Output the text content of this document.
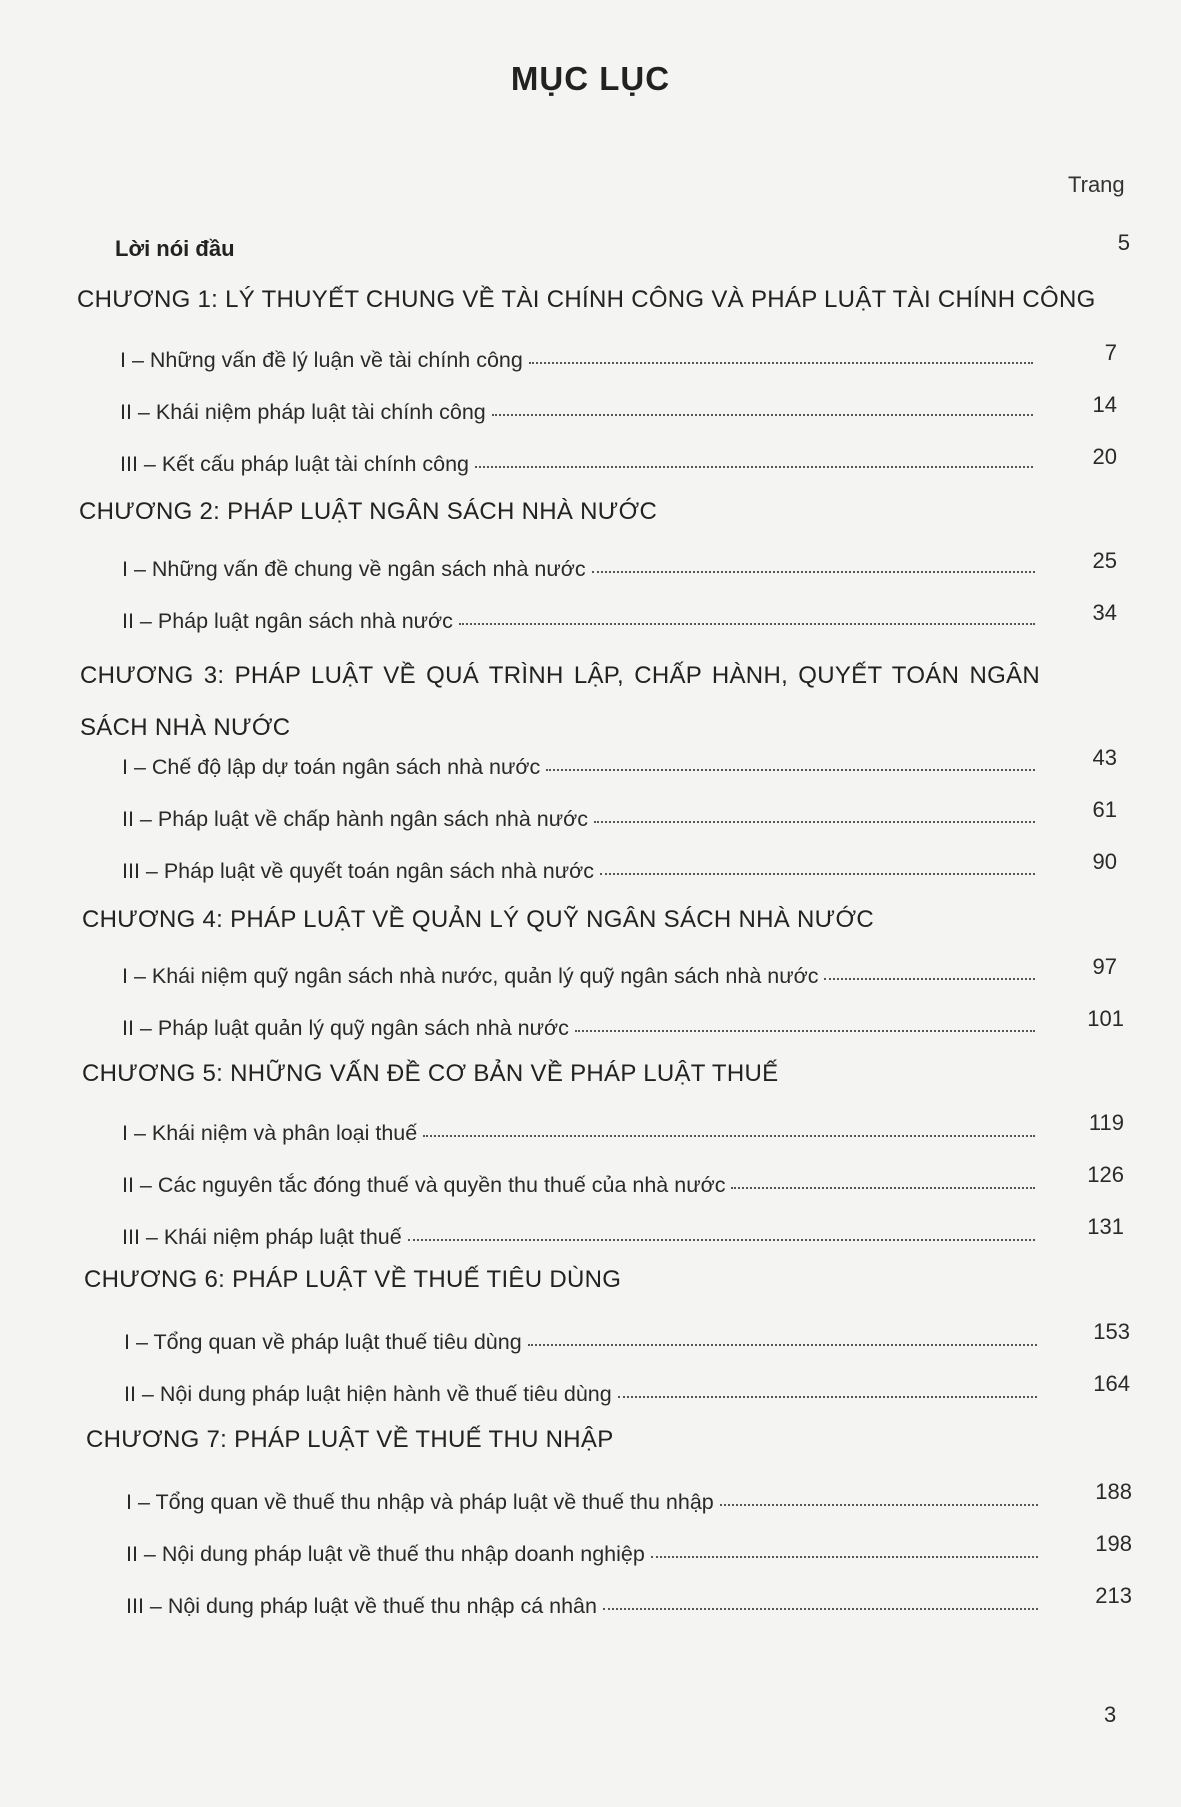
MỤC LỤC
Trang
Lời nói đầu	5
CHƯƠNG 1: LÝ THUYẾT CHUNG VỀ TÀI CHÍNH CÔNG VÀ PHÁP LUẬT TÀI CHÍNH CÔNG
I – Những vấn đề lý luận về tài chính công	7
II – Khái niệm pháp luật tài chính công	14
III – Kết cấu pháp luật tài chính công	20
CHƯƠNG 2: PHÁP LUẬT NGÂN SÁCH NHÀ NƯỚC
I – Những vấn đề chung về ngân sách nhà nước	25
II – Pháp luật ngân sách nhà nước	34
CHƯƠNG 3: PHÁP LUẬT VỀ QUÁ TRÌNH LẬP, CHẤP HÀNH, QUYẾT TOÁN NGÂN SÁCH NHÀ NƯỚC
I – Chế độ lập dự toán ngân sách nhà nước	43
II – Pháp luật về chấp hành ngân sách nhà nước	61
III – Pháp luật về quyết toán ngân sách nhà nước	90
CHƯƠNG 4: PHÁP LUẬT VỀ QUẢN LÝ QUỸ NGÂN SÁCH NHÀ NƯỚC
I – Khái niệm quỹ ngân sách nhà nước, quản lý quỹ ngân sách nhà nước	97
II – Pháp luật quản lý quỹ ngân sách nhà nước	101
CHƯƠNG 5: NHỮNG VẤN ĐỀ CƠ BẢN VỀ PHÁP LUẬT THUẾ
I – Khái niệm và phân loại thuế	119
II – Các nguyên tắc đóng thuế và quyền thu thuế của nhà nước	126
III – Khái niệm pháp luật thuế	131
CHƯƠNG 6: PHÁP LUẬT VỀ THUẾ TIÊU DÙNG
I – Tổng quan về pháp luật thuế tiêu dùng	153
II – Nội dung pháp luật hiện hành về thuế tiêu dùng	164
CHƯƠNG 7: PHÁP LUẬT VỀ THUẾ THU NHẬP
I – Tổng quan về thuế thu nhập và pháp luật về thuế thu nhập	188
II – Nội dung pháp luật về thuế thu nhập doanh nghiệp	198
III – Nội dung pháp luật về thuế thu nhập cá nhân	213
3
